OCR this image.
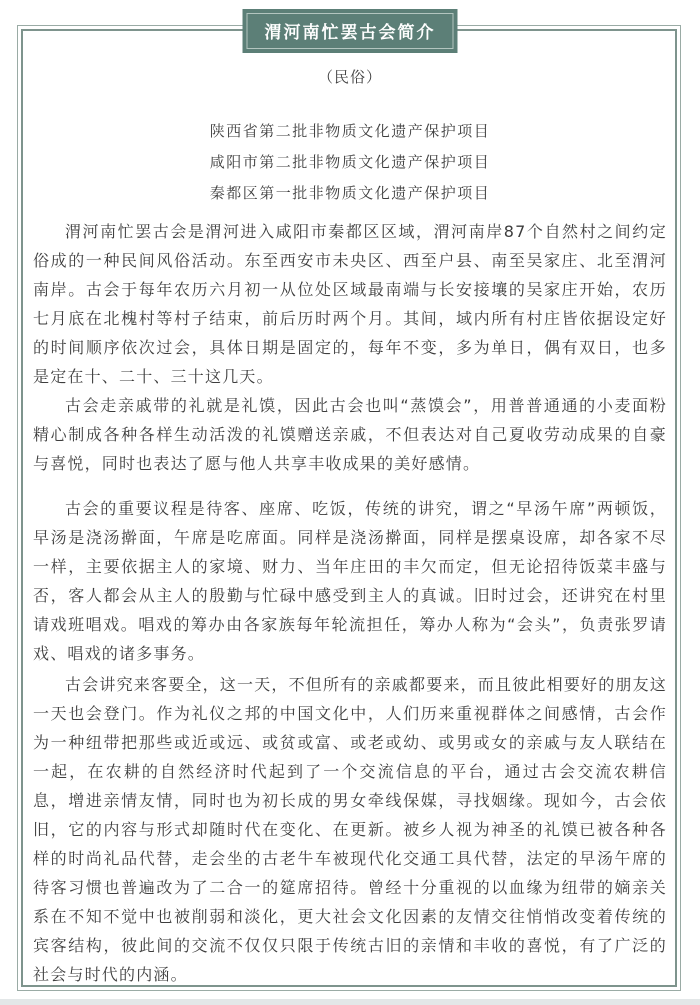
渭河南忙罢古会简介
（民俗）
陕西省第二批非物质文化遗产保护项目
咸阳市第二批非物质文化遗产保护项目
秦都区第一批非物质文化遗产保护项目

渭河南忙罢古会是渭河进入咸阳市秦都区区域，渭河南岸87个自然村之间约定俗成的一种民间风俗活动。东至西安市未央区、西至户县、南至吴家庄、北至渭河南岸。古会于每年农历六月初一从位处区域最南端与长安接壤的吴家庄开始，农历七月底在北槐村等村子结束，前后历时两个月。其间，域内所有村庄皆依据设定好的时间顺序依次过会，具体日期是固定的，每年不变，多为单日，偶有双日，也多是定在十、二十、三十这几天。

古会走亲戚带的礼就是礼馍，因此古会也叫“蒸馍会”，用普普通通的小麦面粉精心制成各种各样生动活泼的礼馍赠送亲戚，不但表达对自己夏收劳动成果的自豪与喜悦，同时也表达了愿与他人共享丰收成果的美好感情。

古会的重要议程是待客、座席、吃饭，传统的讲究，谓之“早汤午席”两顿饭，早汤是浇汤擀面，午席是吃席面。同样是浇汤擀面，同样是摆桌设席，却各家不尽一样，主要依据主人的家境、财力、当年庄田的丰欠而定，但无论招待饭菜丰盛与否，客人都会从主人的殷勤与忙碌中感受到主人的真诚。旧时过会，还讲究在村里请戏班唱戏。唱戏的筹办由各家族每年轮流担任，筹办人称为“会头”，负责张罗请戏、唱戏的诸多事务。

古会讲究来客要全，这一天，不但所有的亲戚都要来，而且彼此相要好的朋友这一天也会登门。作为礼仪之邦的中国文化中，人们历来重视群体之间感情，古会作为一种纽带把那些或近或远、或贫或富、或老或幼、或男或女的亲戚与友人联结在一起，在农耕的自然经济时代起到了一个交流信息的平台，通过古会交流农耕信息，增进亲情友情，同时也为初长成的男女牵线保媒，寻找姻缘。现如今，古会依旧，它的内容与形式却随时代在变化、在更新。被乡人视为神圣的礼馍已被各种各样的时尚礼品代替，走会坐的古老牛车被现代化交通工具代替，法定的早汤午席的待客习惯也普遍改为了二合一的筵席招待。曾经十分重视的以血缘为纽带的嫡亲关系在不知不觉中也被削弱和淡化，更大社会文化因素的友情交往悄悄改变着传统的宾客结构，彼此间的交流不仅仅只限于传统古旧的亲情和丰收的喜悦，有了广泛的社会与时代的内涵。
